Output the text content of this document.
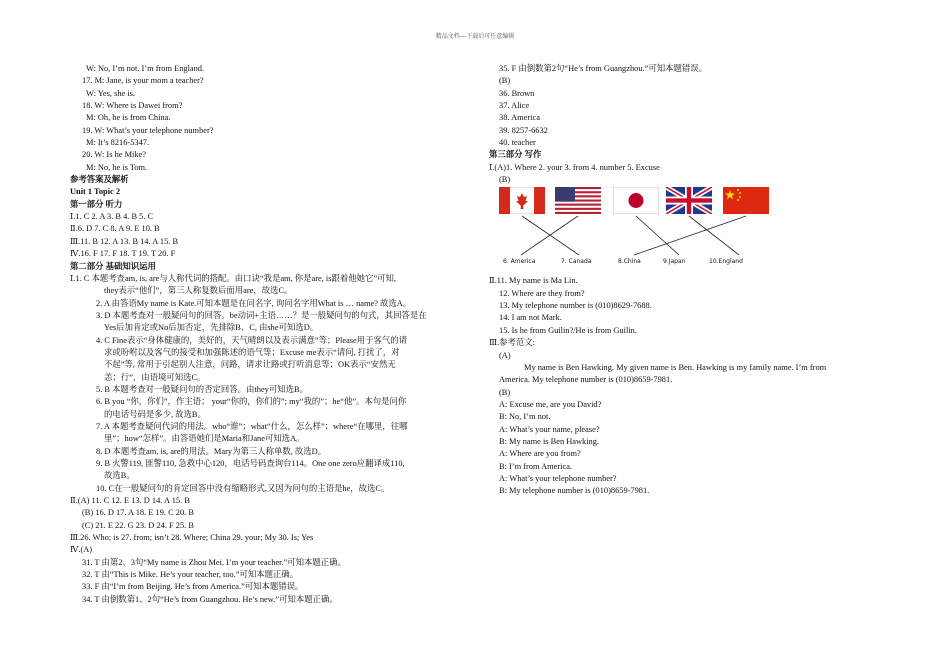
精品文档---下载后可任意编辑
W: No, I’m not. I’m from England.
17. M: Jane, is your mom a teacher?
W: Yes, she is.
18. W: Where is Dawei from?
M: Oh, he is from China.
19. W: What’s your telephone number?
M: It’s 8216-5347.
20. W: Is he Mike?
M: No, he is Tom.
参考答案及解析
Unit 1 Topic 2
第一部分 听力
Ⅰ.1. C 2. A 3. B 4. B 5. C
Ⅱ.6. D 7. C 8. A 9. E 10. B
Ⅲ.11. B 12. A 13. B 14. A 15. B
Ⅳ.16. F 17. F 18. T 19. T 20. F
第二部分 基础知识运用
Ⅰ.1. C 本题考查am, is, are与人称代词的搭配。由口诀“我是am, 你是are, is跟着他她它”可知,
they表示“他们”，第三人称复数后面用are，故选C。
2. A 由答语My name is Kate.可知本题是在问名字, 询问名字用What is … name? 故选A。
3. D 本题考查对一般疑问句的回答。be动词+主语……？是一般疑问句的句式，其回答是在
Yes后加肯定或No后加否定，先排除B、C, 由she可知选D。
4. C Fine表示“身体健康的，美好的，天气晴朗以及表示满意”等；Please用于客气的请
求或吩咐以及客气的接受和加强陈述的语气等；Excuse me表示“请问, 打扰了，对
不起”等, 常用于引起别人注意，问路，请求让路或打听消息等；OK表示“安然无
恙；行”，由语境可知选C。
5. B 本题考查对一般疑问句的否定回答。由they可知选B。
6. B you “你，你们”，作主语； your“你的，你们的”; my“我的”；he“他”。本句是问你
的电话号码是多少, 故选B。
7. A 本题考查疑问代词的用法。who“谁”；what“什么，怎么样”；where“在哪里，往哪
里”；how“怎样”。由答语她们是Maria和Jane可知选A。
8. D 本题考查am, is, are的用法。Mary为第三人称单数, 故选D。
9. B 火警119, 匪警110, 急救中心120，电话号码查询台114。One one zero应翻译成110,
故选B。
10. C在一般疑问句的肯定回答中没有缩略形式,又因为问句的主语是he，故选C。
Ⅱ.(A) 11. C 12. E 13. D 14. A 15. B
(B) 16. D 17. A 18. E 19. C 20. B
(C) 21. E 22. G 23. D 24. F 25. B
Ⅲ.26. Who; is 27. from; isn’t 28. Where; China 29. your; My 30. Is; Yes
Ⅳ.(A)
31. T 由第2、3句“My name is Zhou Mei. I’m your teacher.”可知本题正确。
32. T 由“This is Mike. He’s your teacher, too.”可知本题正确。
33. F 由“I’m from Beijing. He’s from America.”可知本题错误。
34. T 由倒数第1、2句“He’s from Guangzhou. He’s new.”可知本题正确。
35. F 由倒数第2句“He’s from Guangzhou.”可知本题错误。
(B)
36. Brown
37. Alice
38. America
39. 8257-6632
40. teacher
第三部分 写作
Ⅰ.(A)1. Where 2. your 3. from 4. number 5. Excuse
(B)
6. America	7. Canada	8.China	9.Japan	10.England
Ⅱ.11. My name is Ma Lin.
12. Where are they from?
13. My telephone number is (010)8629-7688.
14. I am not Mark.
15. Is he from Guilin?/He is from Guilin.
Ⅲ.参考范文:
(A)
My name is Ben Hawking. My given name is Ben. Hawking is my family name. I’m from
America. My telephone number is (010)8659-7981.
(B)
A: Excuse me, are you David?
B: No, I’m not.
A: What’s your name, please?
B: My name is Ben Hawking.
A: Where are you from?
B: I’m from America.
A: What’s your telephone number?
B: My telephone number is (010)8659-7981.
